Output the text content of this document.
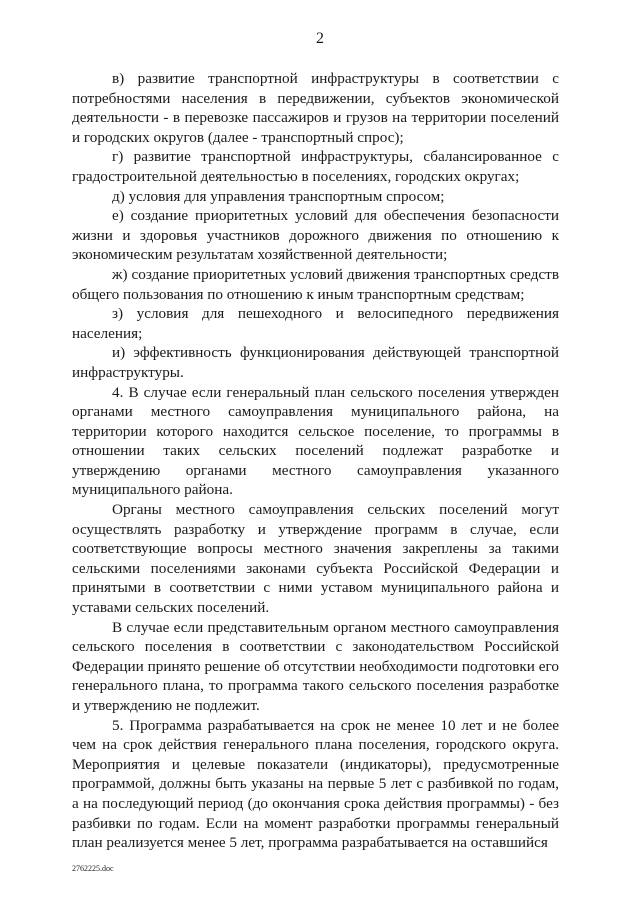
2

в) развитие транспортной инфраструктуры в соответствии с потребностями населения в передвижении, субъектов экономической деятельности - в перевозке пассажиров и грузов на территории поселений и городских округов (далее - транспортный спрос);

г) развитие транспортной инфраструктуры, сбалансированное с градостроительной деятельностью в поселениях, городских округах;

д) условия для управления транспортным спросом;

е) создание приоритетных условий для обеспечения безопасности жизни и здоровья участников дорожного движения по отношению к экономическим результатам хозяйственной деятельности;

ж) создание приоритетных условий движения транспортных средств общего пользования по отношению к иным транспортным средствам;

з) условия для пешеходного и велосипедного передвижения населения;

и) эффективность функционирования действующей транспортной инфраструктуры.

4. В случае если генеральный план сельского поселения утвержден органами местного самоуправления муниципального района, на территории которого находится сельское поселение, то программы в отношении таких сельских поселений подлежат разработке и утверждению органами местного самоуправления указанного муниципального района.

Органы местного самоуправления сельских поселений могут осуществлять разработку и утверждение программ в случае, если соответствующие вопросы местного значения закреплены за такими сельскими поселениями законами субъекта Российской Федерации и принятыми в соответствии с ними уставом муниципального района и уставами сельских поселений.

В случае если представительным органом местного самоуправления сельского поселения в соответствии с законодательством Российской Федерации принято решение об отсутствии необходимости подготовки его генерального плана, то программа такого сельского поселения разработке и утверждению не подлежит.

5. Программа разрабатывается на срок не менее 10 лет и не более чем на срок действия генерального плана поселения, городского округа. Мероприятия и целевые показатели (индикаторы), предусмотренные программой, должны быть указаны на первые 5 лет с разбивкой по годам, а на последующий период (до окончания срока действия программы) - без разбивки по годам. Если на момент разработки программы генеральный план реализуется менее 5 лет, программа разрабатывается на оставшийся

2762225.doc
